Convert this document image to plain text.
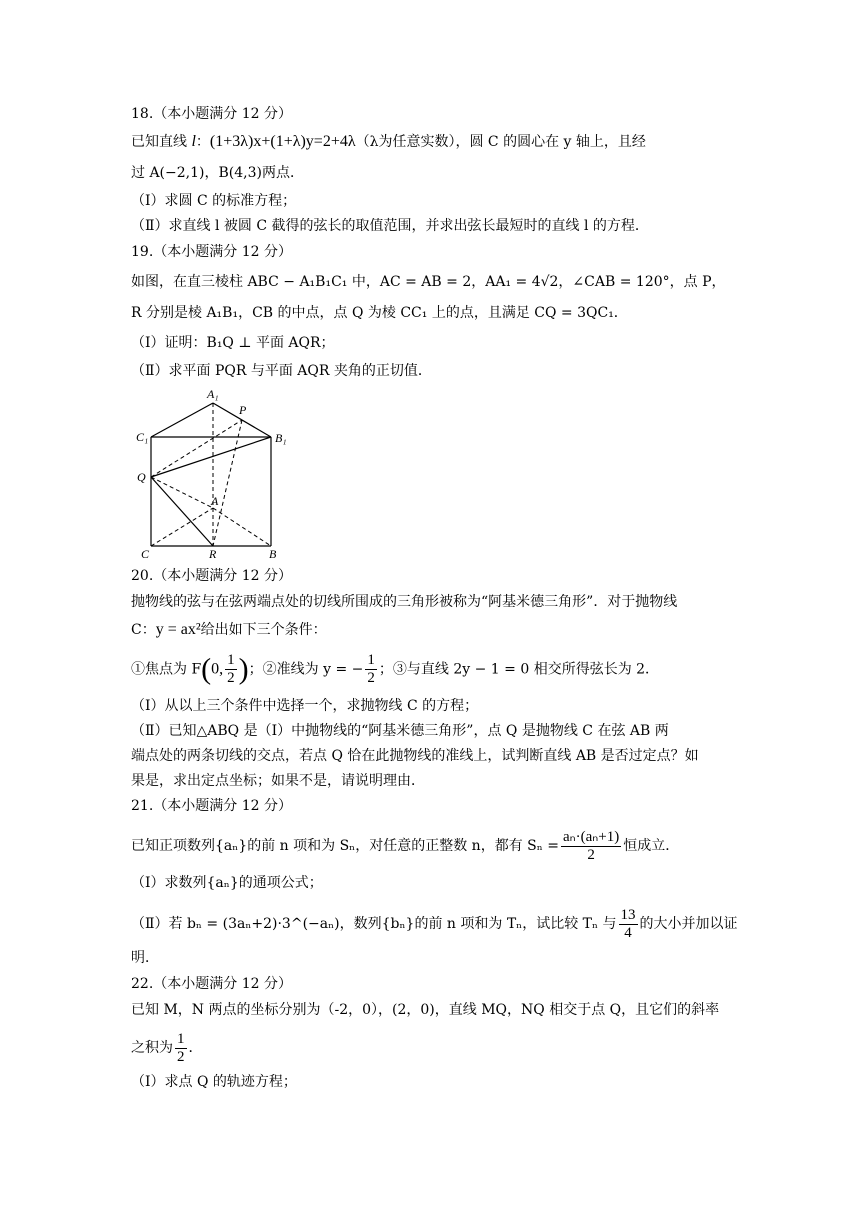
18.（本小题满分 12 分）
已知直线 l：(1+3λ)x+(1+λ)y=2+4λ（λ为任意实数），圆 C 的圆心在 y 轴上，且经
过 A(−2,1)，B(4,3)两点．
（Ⅰ）求圆 C 的标准方程；
（Ⅱ）求直线 l 被圆 C 截得的弦长的取值范围，并求出弦长最短时的直线 l 的方程．
19.（本小题满分 12 分）
如图，在直三棱柱 ABC − A₁B₁C₁ 中，AC = AB = 2，AA₁ = 4√2，∠CAB = 120°，点 P，
R 分别是棱 A₁B₁，CB 的中点，点 Q 为棱 CC₁ 上的点，且满足 CQ = 3QC₁．
（Ⅰ）证明：B₁Q ⊥ 平面 AQR；
（Ⅱ）求平面 PQR 与平面 AQR 夹角的正切值．
A₁
P
C₁	B₁
Q
A
C	R	B
20.（本小题满分 12 分）
抛物线的弦与在弦两端点处的切线所围成的三角形被称为“阿基米德三角形”．对于抛物线
C：y = ax²给出如下三个条件：
①焦点为 F(0, $\frac{1}{2}$ )；②准线为 y = − $\frac{1}{2}$ ；③与直线 2y − 1 = 0 相交所得弦长为 2．
（Ⅰ）从以上三个条件中选择一个，求抛物线 C 的方程；
（Ⅱ）已知△ABQ 是（Ⅰ）中抛物线的“阿基米德三角形”，点 Q 是抛物线 C 在弦 AB 两
端点处的两条切线的交点，若点 Q 恰在此抛物线的准线上，试判断直线 AB 是否过定点？如
果是，求出定点坐标；如果不是，请说明理由．
21.（本小题满分 12 分）
已知正项数列{aₙ}的前 n 项和为 Sₙ，对任意的正整数 n，都有 $S_n = \frac{\text{aₙ·(aₙ+1)}}{2}$ 恒成立．
（Ⅰ）求数列{aₙ}的通项公式；
（Ⅱ）若 bₙ = (3aₙ+2)·3^(−aₙ)，数列{bₙ}的前 n 项和为 Tₙ，试比较 Tₙ 与 $\frac{13}{4}$ 的大小并加以证
明．
22.（本小题满分 12 分）
已知 M，N 两点的坐标分别为（-2，0），(2，0)，直线 MQ，NQ 相交于点 Q，且它们的斜率
之积为 $\frac{1}{2}$ ．
（Ⅰ）求点 Q 的轨迹方程；
